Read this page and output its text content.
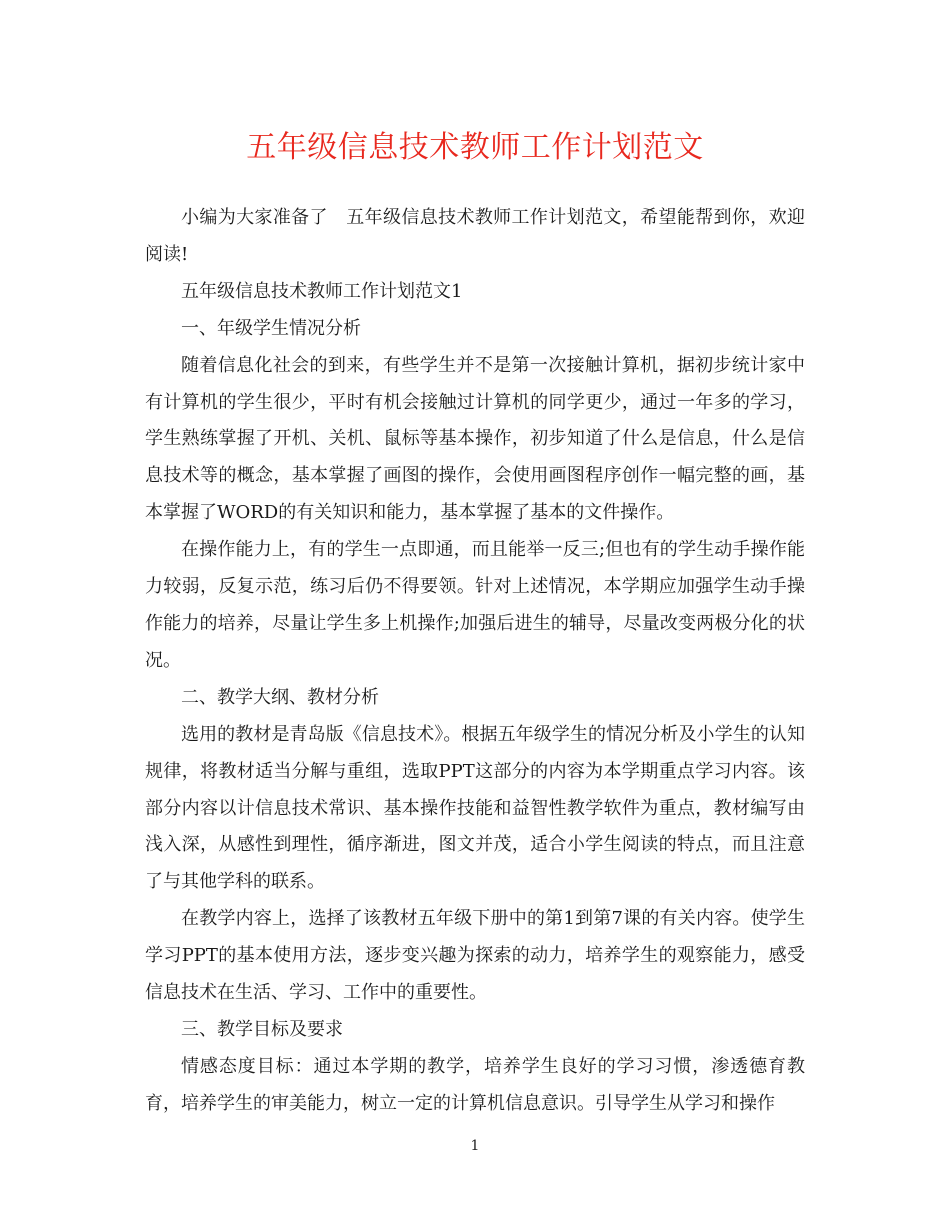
五年级信息技术教师工作计划范文

小编为大家准备了　五年级信息技术教师工作计划范文，希望能帮到你，欢迎阅读!

五年级信息技术教师工作计划范文1

一、年级学生情况分析

随着信息化社会的到来，有些学生并不是第一次接触计算机，据初步统计家中有计算机的学生很少，平时有机会接触过计算机的同学更少，通过一年多的学习，学生熟练掌握了开机、关机、鼠标等基本操作，初步知道了什么是信息，什么是信息技术等的概念，基本掌握了画图的操作，会使用画图程序创作一幅完整的画，基本掌握了WORD的有关知识和能力，基本掌握了基本的文件操作。

在操作能力上，有的学生一点即通，而且能举一反三;但也有的学生动手操作能力较弱，反复示范，练习后仍不得要领。针对上述情况，本学期应加强学生动手操作能力的培养，尽量让学生多上机操作;加强后进生的辅导，尽量改变两极分化的状况。

二、教学大纲、教材分析

选用的教材是青岛版《信息技术》。根据五年级学生的情况分析及小学生的认知规律，将教材适当分解与重组，选取PPT这部分的内容为本学期重点学习内容。该部分内容以计信息技术常识、基本操作技能和益智性教学软件为重点，教材编写由浅入深，从感性到理性，循序渐进，图文并茂，适合小学生阅读的特点，而且注意了与其他学科的联系。

在教学内容上，选择了该教材五年级下册中的第1到第7课的有关内容。使学生学习PPT的基本使用方法，逐步变兴趣为探索的动力，培养学生的观察能力，感受信息技术在生活、学习、工作中的重要性。

三、教学目标及要求

情感态度目标：通过本学期的教学，培养学生良好的学习习惯，渗透德育教育，培养学生的审美能力，树立一定的计算机信息意识。引导学生从学习和操作

1
